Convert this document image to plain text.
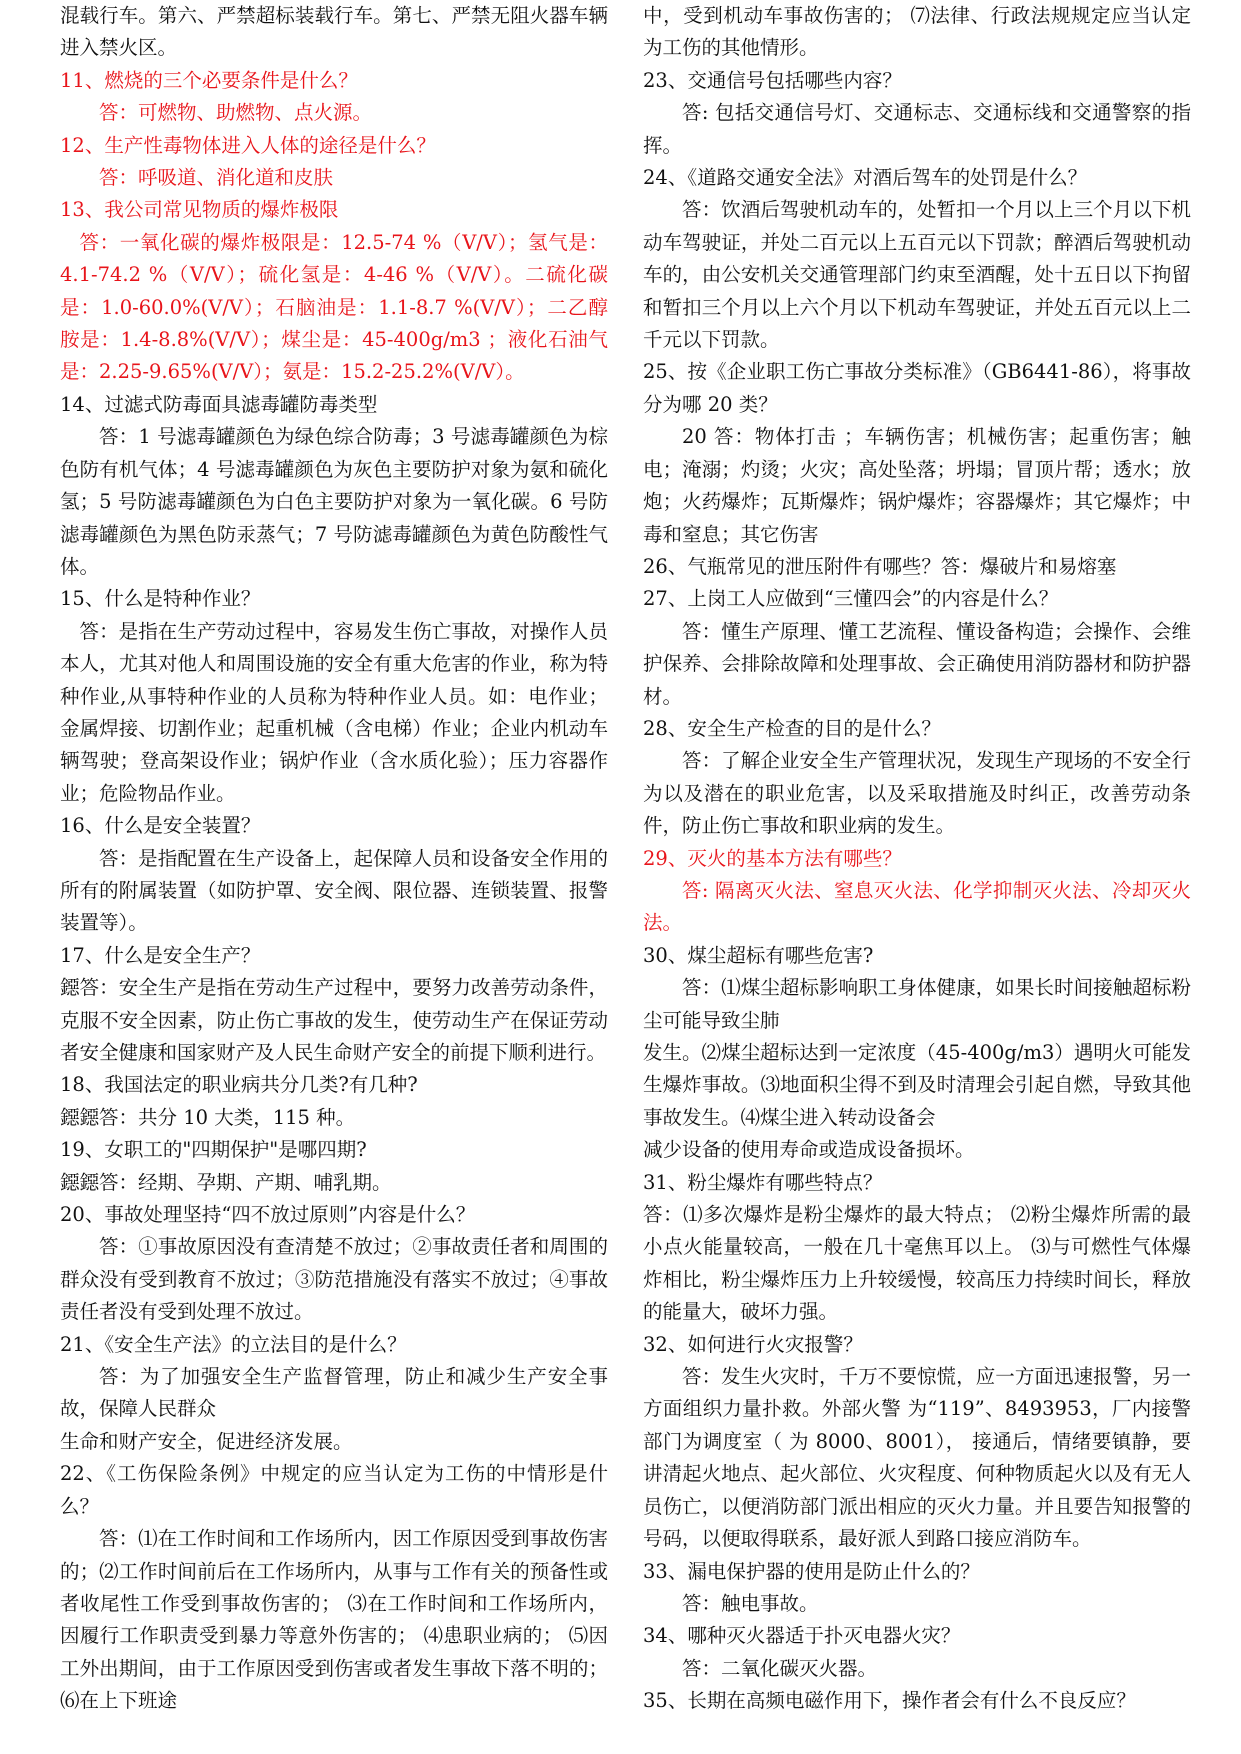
混载行车。第六、严禁超标装载行车。第七、严禁无阻火器车辆进入禁火区。

11、燃烧的三个必要条件是什么？

答：可燃物、助燃物、点火源。

12、生产性毒物体进入人体的途径是什么？

答：呼吸道、消化道和皮肤

13、我公司常见物质的爆炸极限

答：一氧化碳的爆炸极限是：12.5-74 %（V/V）；氢气是：4.1-74.2 %（V/V）；硫化氢是：4-46 %（V/V）。二硫化碳是：1.0-60.0%(V/V）；石脑油是：1.1-8.7 %(V/V）；二乙醇胺是：1.4-8.8%(V/V）；煤尘是：45-400g/m3 ；液化石油气是：2.25-9.65%(V/V）；氨是：15.2-25.2%(V/V）。

14、过滤式防毒面具滤毒罐防毒类型

答：1 号滤毒罐颜色为绿色综合防毒；3 号滤毒罐颜色为棕色防有机气体；4 号滤毒罐颜色为灰色主要防护对象为氨和硫化氢；5 号防滤毒罐颜色为白色主要防护对象为一氧化碳。6 号防滤毒罐颜色为黑色防汞蒸气；7 号防滤毒罐颜色为黄色防酸性气体。

15、什么是特种作业？

答：是指在生产劳动过程中，容易发生伤亡事故，对操作人员本人，尤其对他人和周围设施的安全有重大危害的作业，称为特种作业,从事特种作业的人员称为特种作业人员。如：电作业；金属焊接、切割作业；起重机械（含电梯）作业；企业内机动车辆驾驶；登高架设作业；锅炉作业（含水质化验）；压力容器作业；危险物品作业。

16、什么是安全装置？

答：是指配置在生产设备上，起保障人员和设备安全作用的所有的附属装置（如防护罩、安全阀、限位器、连锁装置、报警装置等）。

17、什么是安全生产？

鐚答：安全生产是指在劳动生产过程中，要努力改善劳动条件，克服不安全因素，防止伤亡事故的发生，使劳动生产在保证劳动者安全健康和国家财产及人民生命财产安全的前提下顺利进行。

18、我国法定的职业病共分几类?有几种?

鐚鐚答：共分 10 大类，115 种。

19、女职工的"四期保护"是哪四期?

鐚鐚答：经期、孕期、产期、哺乳期。

20、事故处理坚持“四不放过原则”内容是什么？

答：①事故原因没有查清楚不放过；②事故责任者和周围的群众没有受到教育不放过；③防范措施没有落实不放过；④事故责任者没有受到处理不放过。

21、《安全生产法》的立法目的是什么？

答：为了加强安全生产监督管理，防止和减少生产安全事故，保障人民群众

生命和财产安全，促进经济发展。

22、《工伤保险条例》中规定的应当认定为工伤的中情形是什么？

答：⑴在工作时间和工作场所内，因工作原因受到事故伤害的；⑵工作时间前后在工作场所内，从事与工作有关的预备性或者收尾性工作受到事故伤害的； ⑶在工作时间和工作场所内，因履行工作职责受到暴力等意外伤害的； ⑷患职业病的； ⑸因工外出期间，由于工作原因受到伤害或者发生事故下落不明的； ⑹在上下班途

中，受到机动车事故伤害的； ⑺法律、行政法规规定应当认定为工伤的其他情形。

23、交通信号包括哪些内容？

答: 包括交通信号灯、交通标志、交通标线和交通警察的指挥。

24、《道路交通安全法》对酒后驾车的处罚是什么？

答：饮酒后驾驶机动车的，处暂扣一个月以上三个月以下机动车驾驶证，并处二百元以上五百元以下罚款；醉酒后驾驶机动车的，由公安机关交通管理部门约束至酒醒，处十五日以下拘留和暂扣三个月以上六个月以下机动车驾驶证，并处五百元以上二千元以下罚款。

25、按《企业职工伤亡事故分类标准》（GB6441-86），将事故分为哪 20 类？

20 答：物体打击 ；车辆伤害；机械伤害；起重伤害；触电；淹溺；灼烫；火灾；高处坠落；坍塌；冒顶片帮；透水；放炮；火药爆炸；瓦斯爆炸；锅炉爆炸；容器爆炸；其它爆炸；中毒和窒息；其它伤害

26、气瓶常见的泄压附件有哪些？答：爆破片和易熔塞

27、上岗工人应做到“三懂四会”的内容是什么？

答：懂生产原理、懂工艺流程、懂设备构造；会操作、会维护保养、会排除故障和处理事故、会正确使用消防器材和防护器材。

28、安全生产检查的目的是什么？

答：了解企业安全生产管理状况，发现生产现场的不安全行为以及潜在的职业危害，以及采取措施及时纠正，改善劳动条件，防止伤亡事故和职业病的发生。

29、灭火的基本方法有哪些？

答: 隔离灭火法、窒息灭火法、化学抑制灭火法、冷却灭火法。

30、煤尘超标有哪些危害?

答：⑴煤尘超标影响职工身体健康，如果长时间接触超标粉尘可能导致尘肺

发生。⑵煤尘超标达到一定浓度（45-400g/m3）遇明火可能发生爆炸事故。⑶地面积尘得不到及时清理会引起自燃，导致其他事故发生。⑷煤尘进入转动设备会

减少设备的使用寿命或造成设备损坏。

31、粉尘爆炸有哪些特点？

答：⑴多次爆炸是粉尘爆炸的最大特点； ⑵粉尘爆炸所需的最小点火能量较高，一般在几十毫焦耳以上。 ⑶与可燃性气体爆炸相比，粉尘爆炸压力上升较缓慢，较高压力持续时间长，释放的能量大，破坏力强。

32、如何进行火灾报警？

答：发生火灾时，千万不要惊慌，应一方面迅速报警，另一方面组织力量扑救。外部火警 为“119”、8493953，厂内接警部门为调度室（ 为 8000、8001）， 接通后，情绪要镇静，要讲清起火地点、起火部位、火灾程度、何种物质起火以及有无人员伤亡，以便消防部门派出相应的灭火力量。并且要告知报警的 号码，以便取得联系，最好派人到路口接应消防车。

33、漏电保护器的使用是防止什么的？

答：触电事故。

34、哪种灭火器适于扑灭电器火灾？

答：二氧化碳灭火器。

35、长期在高频电磁作用下，操作者会有什么不良反应？
